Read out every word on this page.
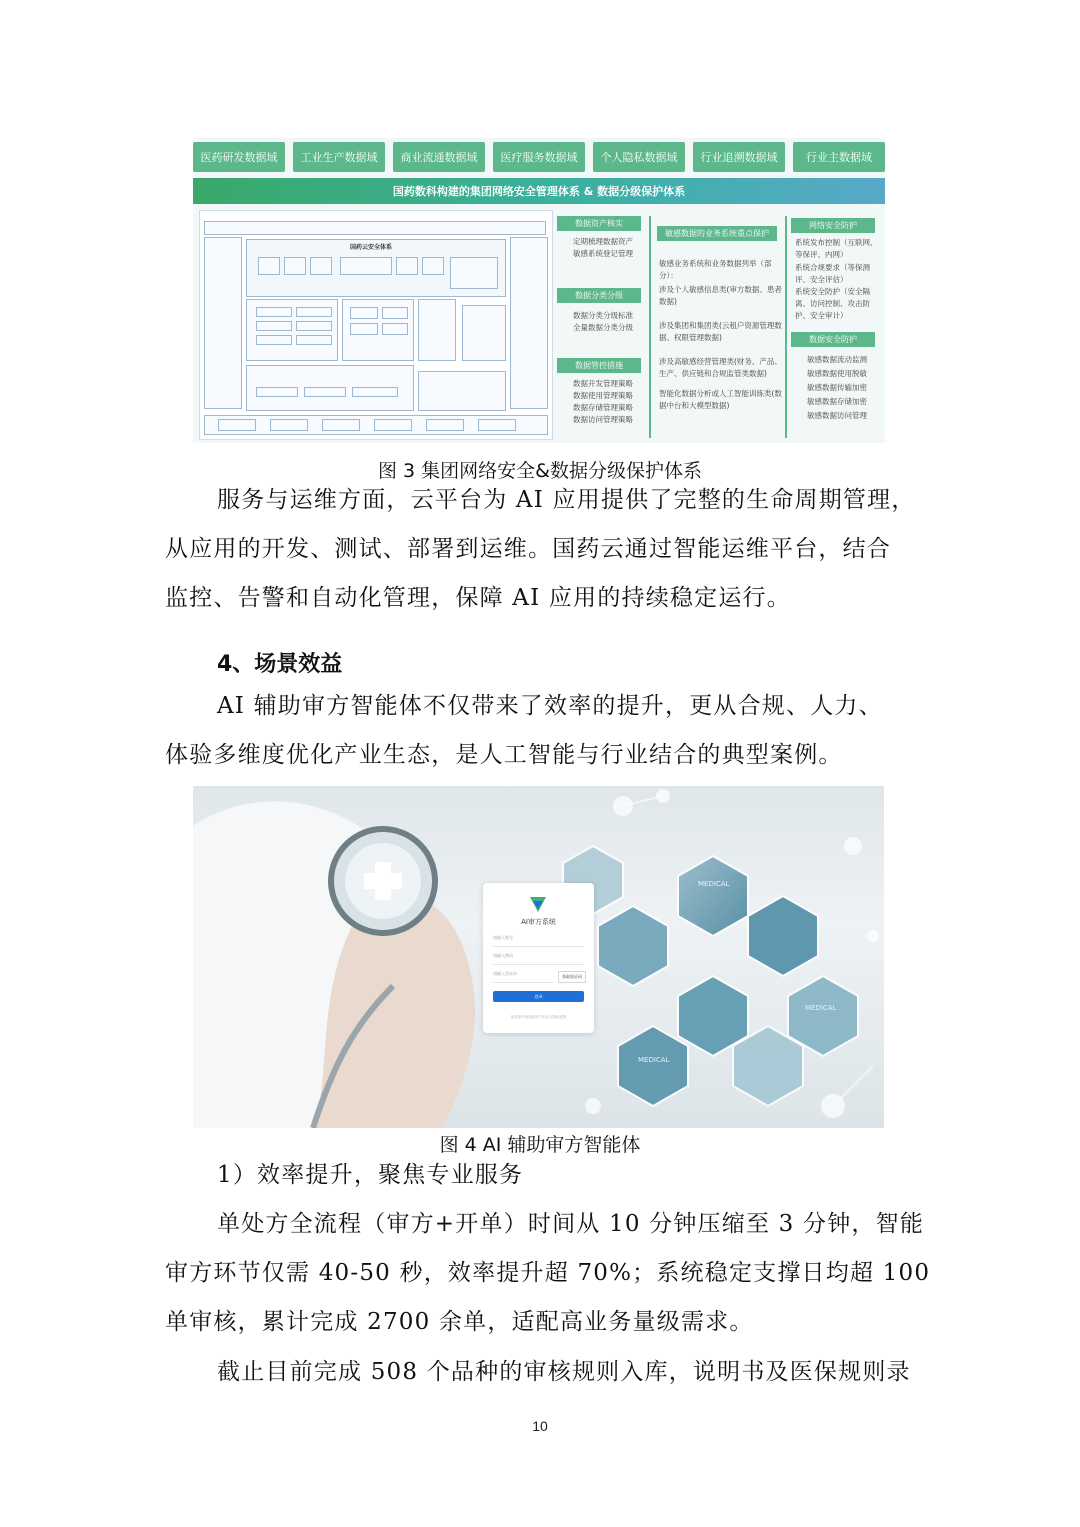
医药研发数据域	工业生产数据域	商业流通数据域	医疗服务数据域	个人隐私数据域	行业追溯数据域	行业主数据域
国药数科构建的集团网络安全管理体系 & 数据分级保护体系
国药云安全体系
数据资产核实
定期梳理数据资产
敏感系统登记管理
数据分类分级
数据分类分级标准
全量数据分类分级
数据管控措施
数据开发管理策略
数据使用管理策略
数据存储管理策略
数据访问管理策略
敏感数据的业务系统重点保护
敏感业务系统和业务数据列举（部分）：
涉及个人敏感信息类(审方数据、患者数据)
涉及集团和集团类(云租户资源管理数据、权限管理数据)
涉及高敏感经营管理类(财务、产品、生产、供应链和合规监管类数据)
智能化数据分析或人工智能训练类(数据中台和大模型数据)
网络安全防护
系统发布控制（互联网、等保评、内网）
系统合规要求（等保测评、安全评估）
系统安全防护（安全隔离、访问控制、攻击防护、安全审计）
数据安全防护
敏感数据流动监测
敏感数据使用脱敏
敏感数据传输加密
敏感数据存储加密
敏感数据访问管理
图 3 集团网络安全&数据分级保护体系
服务与运维方面，云平台为 AI 应用提供了完整的生命周期管理，
从应用的开发、测试、部署到运维。国药云通过智能运维平台，结合
监控、告警和自动化管理，保障 AI 应用的持续稳定运行。
4、场景效益
AI 辅助审方智能体不仅带来了效率的提升，更从合规、人力、
体验多维度优化产业生态，是人工智能与行业结合的典型案例。
MEDICAL
MEDICAL
MEDICAL
AI审方系统
请输入账号
请输入密码
请输入验证码
获取验证码
登录
登录即代表同意用户协议与隐私政策
图 4 AI 辅助审方智能体
1）效率提升，聚焦专业服务
单处方全流程（审方+开单）时间从 10 分钟压缩至 3 分钟，智能
审方环节仅需 40-50 秒，效率提升超 70%；系统稳定支撑日均超 100
单审核，累计完成 2700 余单，适配高业务量级需求。
截止目前完成 508 个品种的审核规则入库，说明书及医保规则录
10
